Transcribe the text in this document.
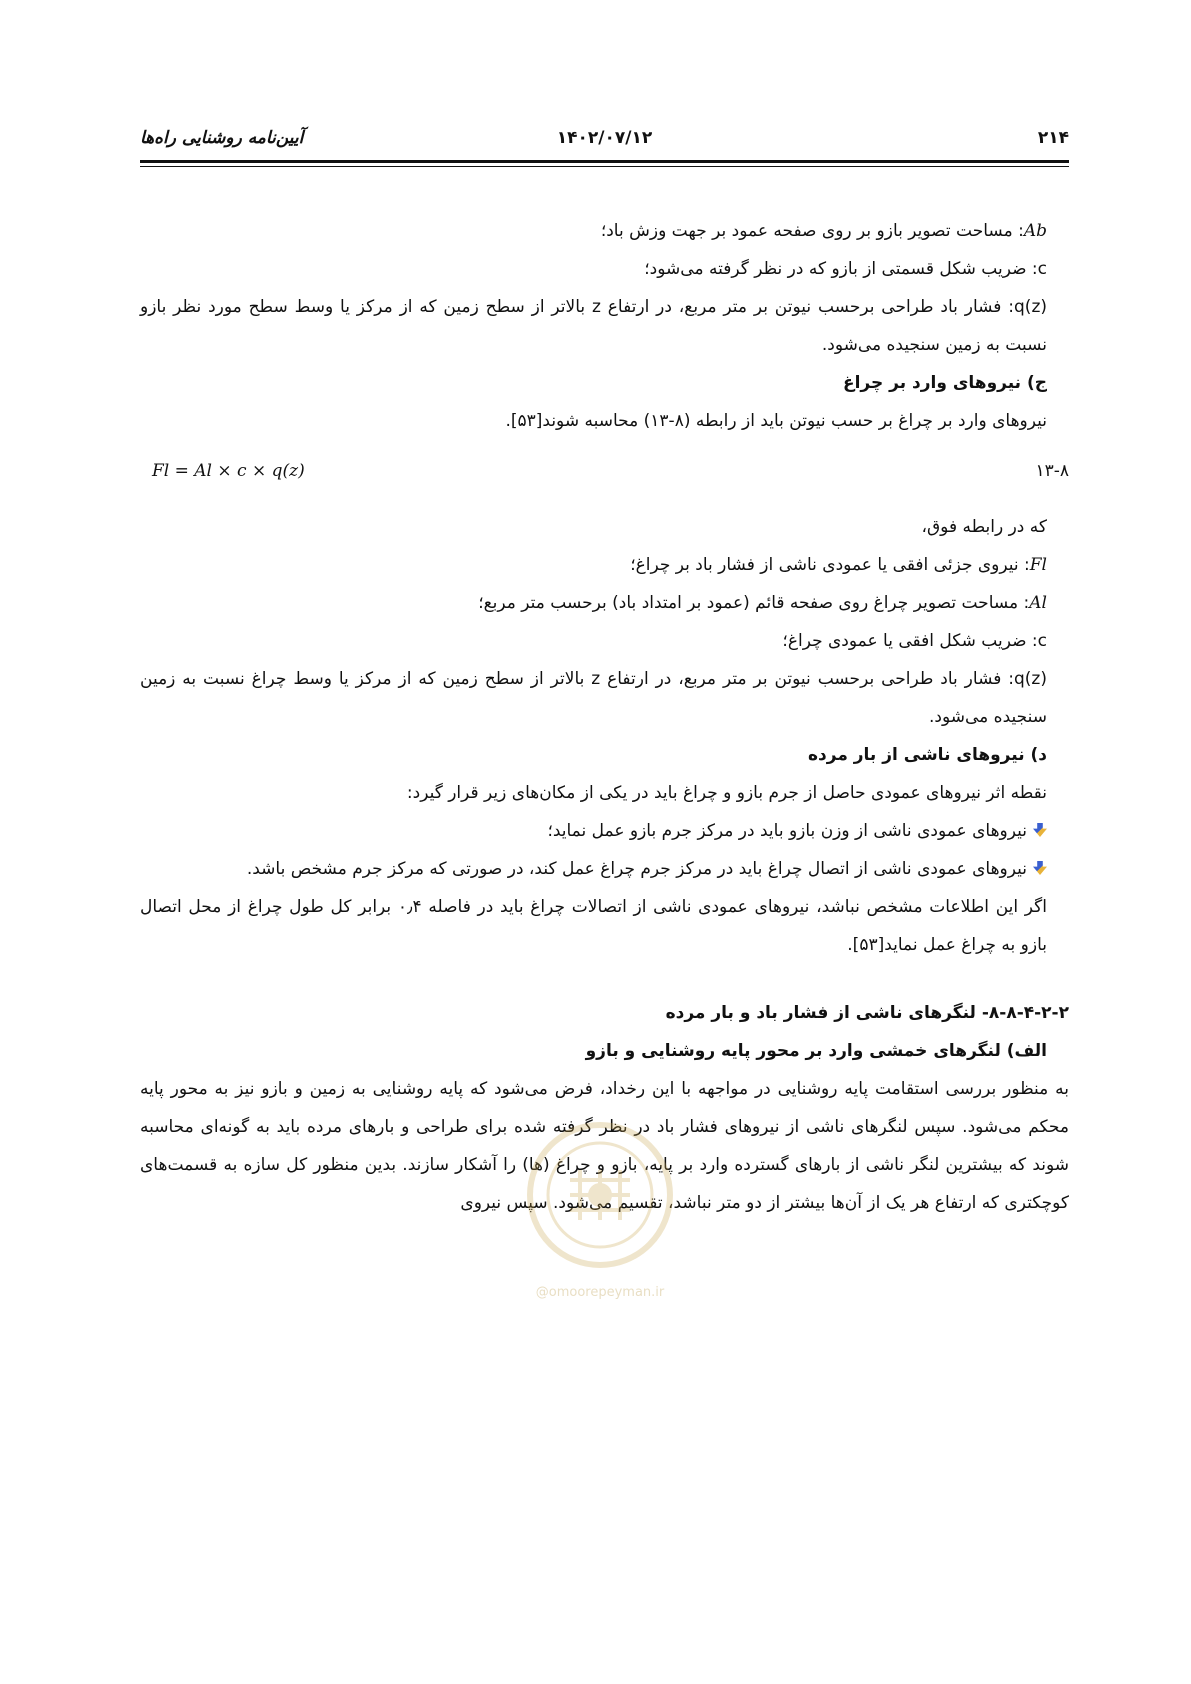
۲۱۴
۱۴۰۲/۰۷/۱۲
آیین‌نامه روشنایی راه‌ها

Ab: مساحت تصویر بازو بر روی صفحه عمود بر جهت وزش باد؛

c: ضریب شکل قسمتی از بازو که در نظر گرفته می‌شود؛

q(z): فشار باد طراحی برحسب نیوتن بر متر مربع، در ارتفاع z بالاتر از سطح زمین که از مرکز یا وسط سطح مورد نظر بازو نسبت به زمین سنجیده می‌شود.

ج) نیروهای وارد بر چراغ

نیروهای وارد بر چراغ بر حسب نیوتن باید از رابطه (۸-۱۳) محاسبه شوند[۵۳].

Fl = Al × c × q(z)	۱۳-۸

که در رابطه فوق،

Fl: نیروی جزئی افقی یا عمودی ناشی از فشار باد بر چراغ؛

Al: مساحت تصویر چراغ روی صفحه قائم (عمود بر امتداد باد) برحسب متر مربع؛

c: ضریب شکل افقی یا عمودی چراغ؛

q(z): فشار باد طراحی برحسب نیوتن بر متر مربع، در ارتفاع z بالاتر از سطح زمین که از مرکز یا وسط چراغ نسبت به زمین سنجیده می‌شود.

د) نیروهای ناشی از بار مرده

نقطه اثر نیروهای عمودی حاصل از جرم بازو و چراغ باید در یکی از مکان‌های زیر قرار گیرد:

نیروهای عمودی ناشی از وزن بازو باید در مرکز جرم بازو عمل نماید؛

نیروهای عمودی ناشی از اتصال چراغ باید در مرکز جرم چراغ عمل کند، در صورتی که مرکز جرم مشخص باشد.

اگر این اطلاعات مشخص نباشد، نیروهای عمودی ناشی از اتصالات چراغ باید در فاصله ۰٫۴ برابر کل طول چراغ از محل اتصال بازو به چراغ عمل نماید[۵۳].

۸-۸-۴-۲-۲- لنگرهای ناشی از فشار باد و بار مرده

الف) لنگرهای خمشی وارد بر محور پایه روشنایی و بازو

به منظور بررسی استقامت پایه روشنایی در مواجهه با این رخداد، فرض می‌شود که پایه روشنایی به زمین و بازو نیز به محور پایه محکم می‌شود. سپس لنگرهای ناشی از نیروهای فشار باد در نظر گرفته شده برای طراحی و بارهای مرده باید به گونه‌ای محاسبه شوند که بیشترین لنگر ناشی از بارهای گسترده وارد بر پایه، بازو و چراغ (ها) را آشکار سازند. بدین منظور کل سازه به قسمت‌های کوچکتری که ارتفاع هر یک از آن‌ها بیشتر از دو متر نباشد، تقسیم می‌شود. سپس نیروی

@omoorepeyman.ir
